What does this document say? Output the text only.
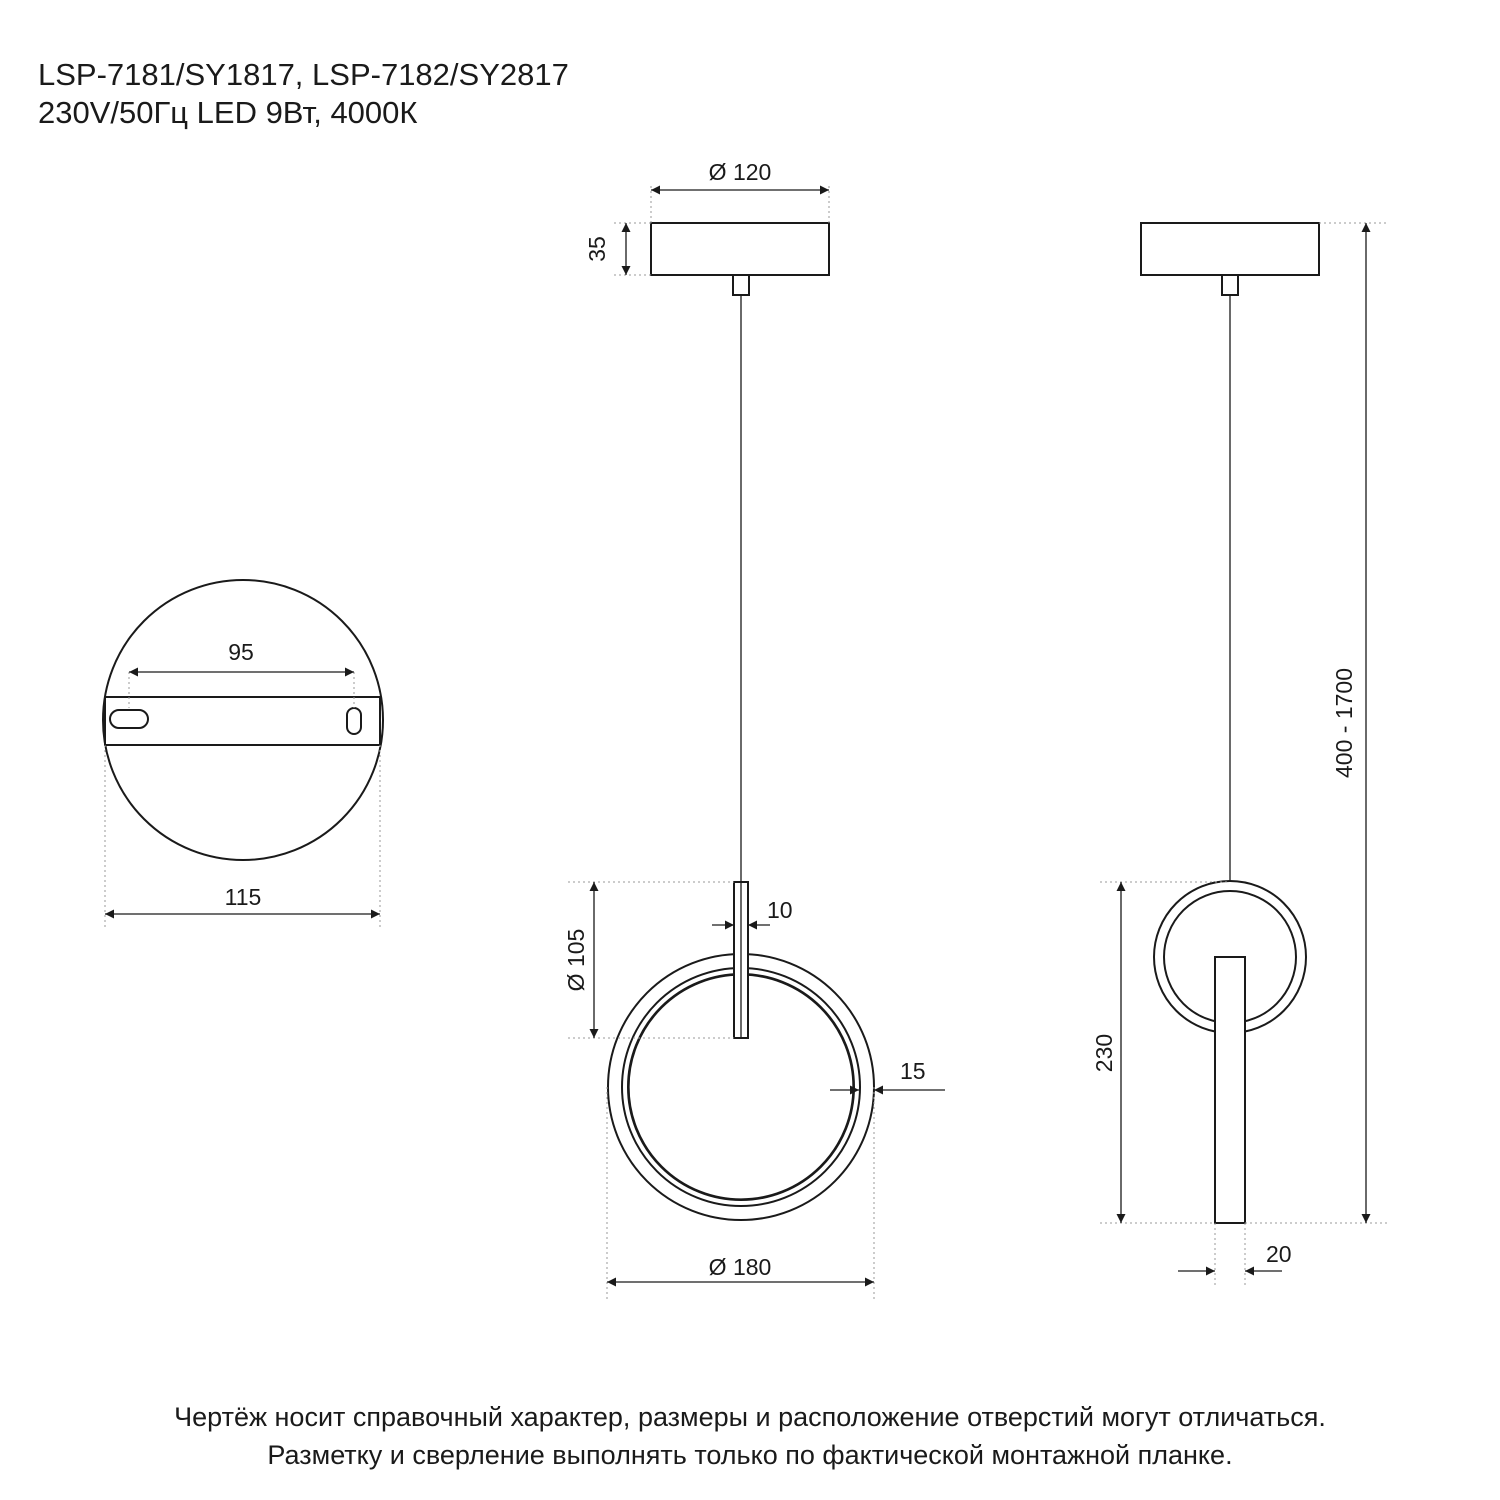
LSP-7181/SY1817, LSP-7182/SY2817
230V/50Гц LED 9Вт, 4000К
95
115
Ø 120
35
Ø 105
10
15
Ø 180
400 - 1700
230
20
Чертёж носит справочный характер, размеры и расположение отверстий могут отличаться.
Разметку и сверление выполнять только по фактической монтажной планке.
